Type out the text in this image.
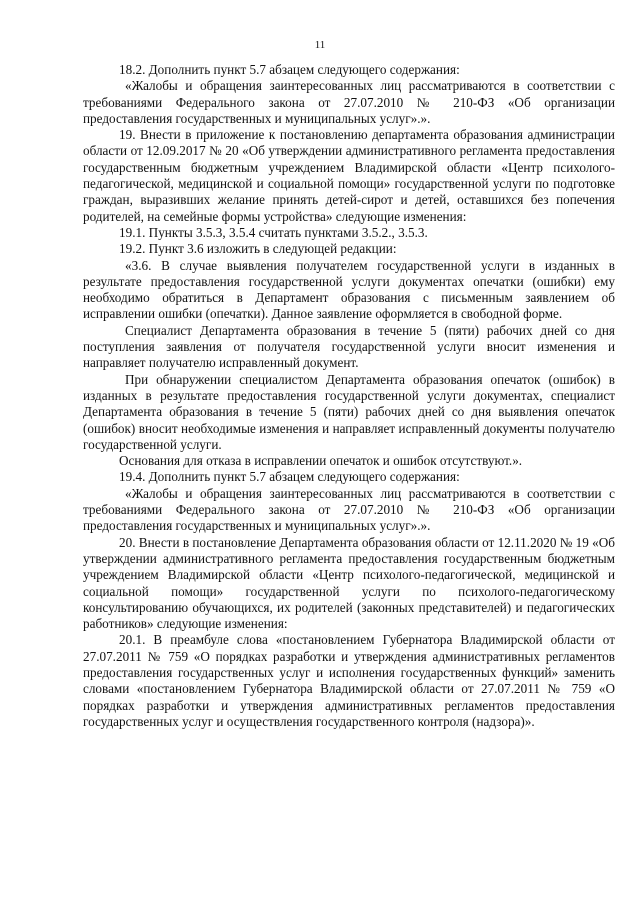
11

18.2. Дополнить пункт 5.7 абзацем следующего содержания:

«Жалобы и обращения заинтересованных лиц рассматриваются в соответствии с требованиями Федерального закона от 27.07.2010 № 210-ФЗ «Об организации предоставления государственных и муниципальных услуг».».

19. Внести в приложение к постановлению департамента образования администрации области от 12.09.2017 № 20 «Об утверждении административного регламента предоставления государственным бюджетным учреждением Владимирской области «Центр психолого-педагогической, медицинской и социальной помощи» государственной услуги по подготовке граждан, выразивших желание принять детей-сирот и детей, оставшихся без попечения родителей, на семейные формы устройства» следующие изменения:

19.1. Пункты 3.5.3, 3.5.4 считать пунктами 3.5.2., 3.5.3.

19.2. Пункт 3.6 изложить в следующей редакции:

«3.6. В случае выявления получателем государственной услуги в изданных в результате предоставления государственной услуги документах опечатки (ошибки) ему необходимо обратиться в Департамент образования с письменным заявлением об исправлении ошибки (опечатки). Данное заявление оформляется в свободной форме.

Специалист Департамента образования в течение 5 (пяти) рабочих дней со дня поступления заявления от получателя государственной услуги вносит изменения и направляет получателю исправленный документ.

При обнаружении специалистом Департамента образования опечаток (ошибок) в изданных в результате предоставления государственной услуги документах, специалист Департамента образования в течение 5 (пяти) рабочих дней со дня выявления опечаток (ошибок) вносит необходимые изменения и направляет исправленный документы получателю государственной услуги.

Основания для отказа в исправлении опечаток и ошибок отсутствуют.».

19.4. Дополнить пункт 5.7 абзацем следующего содержания:

«Жалобы и обращения заинтересованных лиц рассматриваются в соответствии с требованиями Федерального закона от 27.07.2010 № 210-ФЗ «Об организации предоставления государственных и муниципальных услуг».».

20. Внести в постановление Департамента образования области от 12.11.2020 № 19 «Об утверждении административного регламента предоставления государственным бюджетным учреждением Владимирской области «Центр психолого-педагогической, медицинской и социальной помощи» государственной услуги по психолого-педагогическому консультированию обучающихся, их родителей (законных представителей) и педагогических работников» следующие изменения:

20.1. В преамбуле слова «постановлением Губернатора Владимирской области от 27.07.2011 № 759 «О порядках разработки и утверждения административных регламентов предоставления государственных услуг и исполнения государственных функций» заменить словами «постановлением Губернатора Владимирской области от 27.07.2011 № 759 «О порядках разработки и утверждения административных регламентов предоставления государственных услуг и осуществления государственного контроля (надзора)».
